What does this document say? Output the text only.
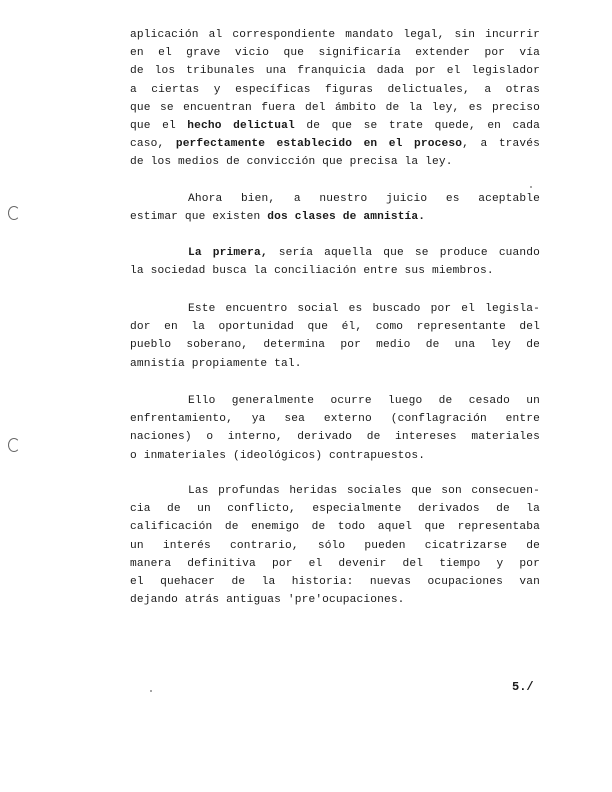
aplicación al correspondiente mandato legal, sin incurrir
en el grave vicio que significaría extender por vía
de los tribunales una franquicia dada por el legislador
a ciertas y específicas figuras delictuales, a otras
que se encuentran fuera del ámbito de la ley, es preciso
que el hecho delictual de que se trate quede, en cada
caso, perfectamente establecido en el proceso, a través
de los medios de convicción que precisa la ley.
Ahora bien, a nuestro juicio es aceptable
estimar que existen dos clases de amnistía.
La primera, sería aquella que se produce cuando
la sociedad busca la conciliación entre sus miembros.
Este encuentro social es buscado por el legisla-
dor en la oportunidad que él, como representante del
pueblo soberano, determina por medio de una ley de
amnistía propiamente tal.
Ello generalmente ocurre luego de cesado un
enfrentamiento, ya sea externo (conflagración entre
naciones) o interno, derivado de intereses materiales
o inmateriales (ideológicos) contrapuestos.
Las profundas heridas sociales que son consecuen-
cia de un conflicto, especialmente derivados de la
calificación de enemigo de todo aquel que representaba
un interés contrario, sólo pueden cicatrizarse de
manera definitiva por el devenir del tiempo y por
el quehacer de la historia: nuevas ocupaciones van
dejando atrás antiguas 'pre'ocupaciones.
5./
